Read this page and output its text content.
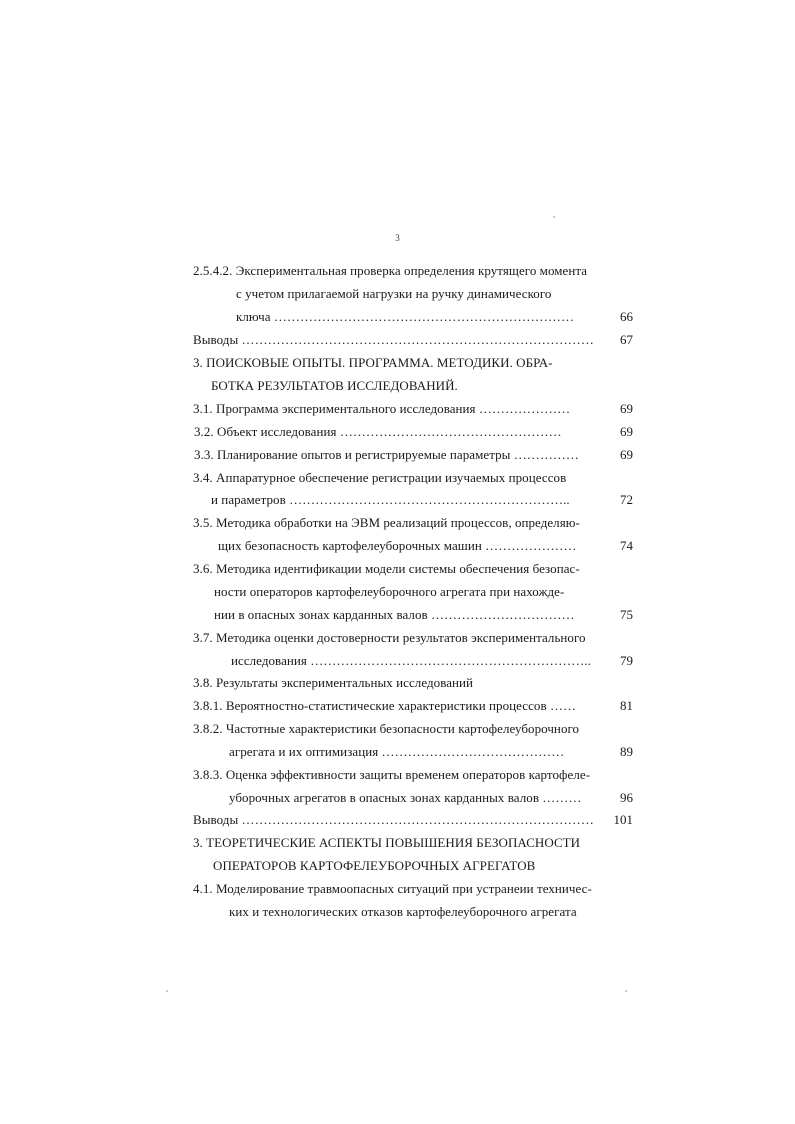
3
2.5.4.2. Экспериментальная проверка определения крутящего момента
с учетом прилагаемой нагрузки на ручку динамического
ключа ……………………………………………………………	66
Выводы ………………………………………………………………………	67
3. ПОИСКОВЫЕ ОПЫТЫ. ПРОГРАММА. МЕТОДИКИ. ОБРА-
БОТКА РЕЗУЛЬТАТОВ ИССЛЕДОВАНИЙ.
3.1. Программа экспериментального исследования …………………	69
3.2. Объект исследования ……………………………………………	69
3.3. Планирование опытов и регистрируемые параметры ……………	69
3.4. Аппаратурное обеспечение регистрации изучаемых процессов
и параметров ………………………………………………………..	72
3.5. Методика обработки на ЭВМ реализаций процессов, определяю-
щих безопасность картофелеуборочных машин …………………	74
3.6. Методика идентификации модели системы обеспечения безопас-
ности операторов картофелеуборочного агрегата при нахожде-
нии в опасных зонах карданных валов ……………………………	75
3.7. Методика оценки достоверности результатов экспериментального
исследования ………………………………………………………..	79
3.8. Результаты экспериментальных исследований
3.8.1. Вероятностно-статистические характеристики процессов ……	81
3.8.2. Частотные характеристики безопасности картофелеуборочного
агрегата и их оптимизация ……………………………………	89
3.8.3. Оценка эффективности защиты временем операторов картофеле-
уборочных агрегатов в опасных зонах карданных валов ………	96
Выводы ………………………………………………………………………	101
3. ТЕОРЕТИЧЕСКИЕ АСПЕКТЫ ПОВЫШЕНИЯ БЕЗОПАСНОСТИ
ОПЕРАТОРОВ КАРТОФЕЛЕУБОРОЧНЫХ АГРЕГАТОВ
4.1. Моделирование травмоопасных ситуаций при устранеии техничес-
ких и технологических отказов картофелеуборочного агрегата
